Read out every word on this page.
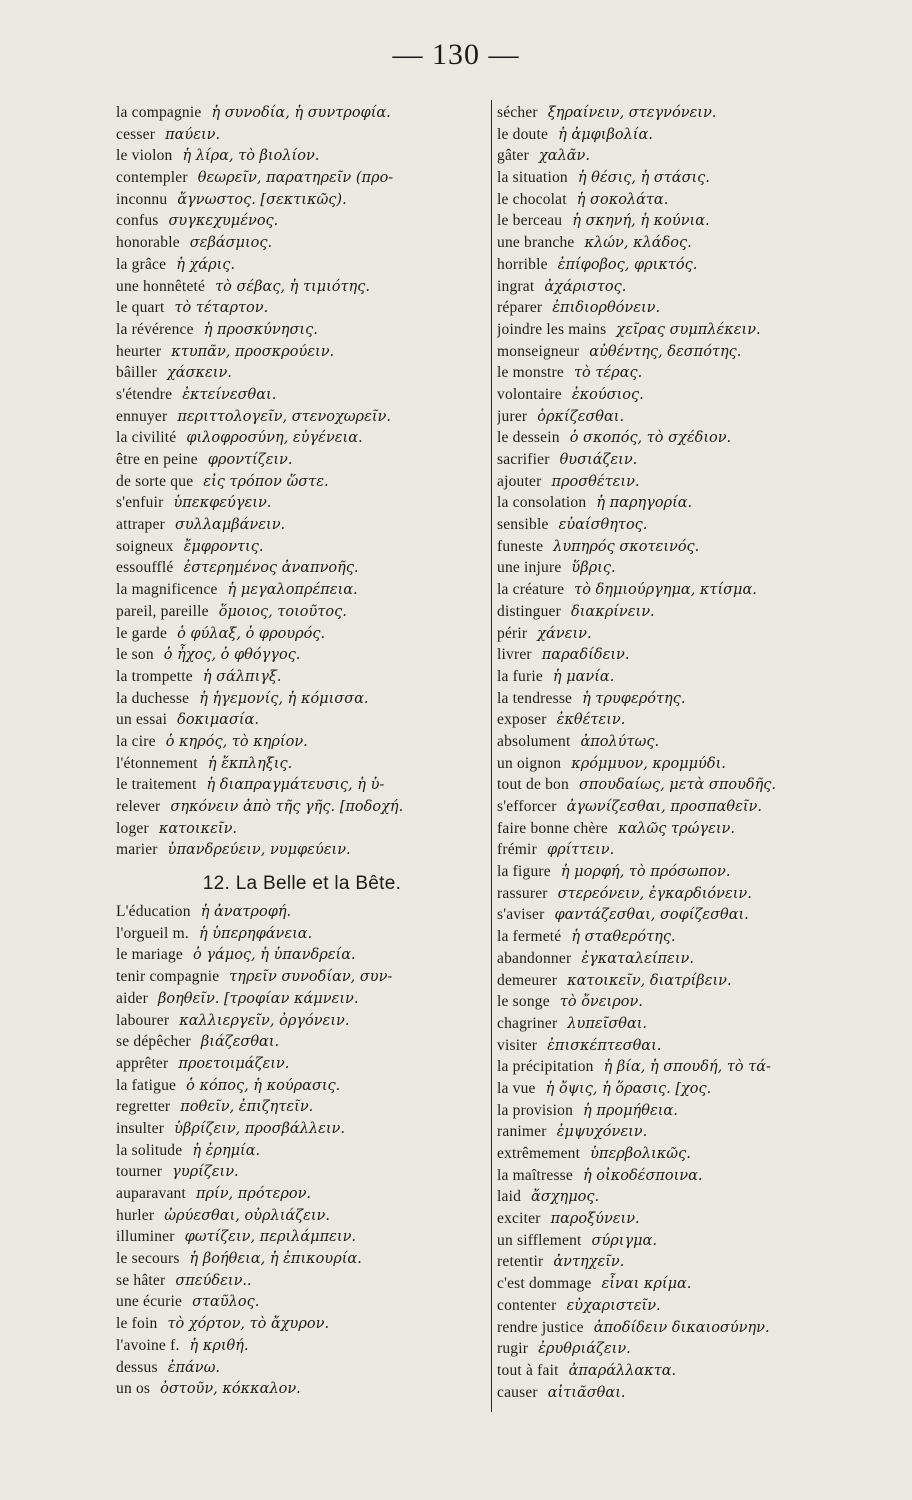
— 130 —
la compagnie ἡ συνοδία, ἡ συντροφία.
cesser παύειν.
le violon ἡ λίρα, τὸ βιολίον.
contempler θεωρεῖν, παρατηρεῖν (προ-
inconnu ἄγνωστος. [σεκτικῶς).
confus συγκεχυμένος.
honorable σεβάσμιος.
la grâce ἡ χάρις.
une honnêteté τὸ σέβας, ἡ τιμιότης.
le quart τὸ τέταρτον.
la révérence ἡ προσκύνησις.
heurter κτυπᾶν, προσκρούειν.
bâiller χάσκειν.
s'étendre ἐκτείνεσθαι.
ennuyer περιττολογεῖν, στενοχωρεῖν.
la civilité φιλοφροσύνη, εὐγένεια.
être en peine φροντίζειν.
de sorte que εἰς τρόπον ὥστε.
s'enfuir ὑπεκφεύγειν.
attraper συλλαμβάνειν.
soigneux ἔμφροντις.
essoufflé ἐστερημένος ἀναπνοῆς.
la magnificence ἡ μεγαλοπρέπεια.
pareil, pareille ὅμοιος, τοιοῦτος.
le garde ὁ φύλαξ, ὁ φρουρός.
le son ὁ ἦχος, ὁ φθόγγος.
la trompette ἡ σάλπιγξ.
la duchesse ἡ ἡγεμονίς, ἡ κόμισσα.
un essai δοκιμασία.
la cire ὁ κηρός, τὸ κηρίον.
l'étonnement ἡ ἔκπληξις.
le traitement ἡ διαπραγμάτευσις, ἡ ὑ-
relever σηκόνειν ἀπὸ τῆς γῆς. [ποδοχή.
loger κατοικεῖν.
marier ὑπανδρεύειν, νυμφεύειν.
12. La Belle et la Bête.
L'éducation ἡ ἀνατροφή.
l'orgueil m. ἡ ὑπερηφάνεια.
le mariage ὁ γάμος, ἡ ὑπανδρεία.
tenir compagnie τηρεῖν συνοδίαν, συν-
aider βοηθεῖν. [τροφίαν κάμνειν.
labourer καλλιεργεῖν, ὀργόνειν.
se dépêcher βιάζεσθαι.
apprêter προετοιμάζειν.
la fatigue ὁ κόπος, ἡ κούρασις.
regretter ποθεῖν, ἐπιζητεῖν.
insulter ὑβρίζειν, προσβάλλειν.
la solitude ἡ ἐρημία.
tourner γυρίζειν.
auparavant πρίν, πρότερον.
hurler ὠρύεσθαι, οὐρλιάζειν.
illuminer φωτίζειν, περιλάμπειν.
le secours ἡ βοήθεια, ἡ ἐπικουρία.
se hâter σπεύδειν..
une écurie σταῦλος.
le foin τὸ χόρτον, τὸ ἄχυρον.
l'avoine f. ἡ κριθή.
dessus ἐπάνω.
un os ὀστοῦν, κόκκαλον.
sécher ξηραίνειν, στεγνόνειν.
le doute ἡ ἀμφιβολία.
gâter χαλᾶν.
la situation ἡ θέσις, ἡ στάσις.
le chocolat ἡ σοκολάτα.
le berceau ἡ σκηνή, ἡ κούνια.
une branche κλών, κλάδος.
horrible ἐπίφοβος, φρικτός.
ingrat ἀχάριστος.
réparer ἐπιδιορθόνειν.
joindre les mains χεῖρας συμπλέκειν.
monseigneur αὐθέντης, δεσπότης.
le monstre τὸ τέρας.
volontaire ἑκούσιος.
jurer ὁρκίζεσθαι.
le dessein ὁ σκοπός, τὸ σχέδιον.
sacrifier θυσιάζειν.
ajouter προσθέτειν.
la consolation ἡ παρηγορία.
sensible εὐαίσθητος.
funeste λυπηρός σκοτεινός.
une injure ὕβρις.
la créature τὸ δημιούργημα, κτίσμα.
distinguer διακρίνειν.
périr χάνειν.
livrer παραδίδειν.
la furie ἡ μανία.
la tendresse ἡ τρυφερότης.
exposer ἐκθέτειν.
absolument ἀπολύτως.
un oignon κρόμμυον, κρομμύδι.
tout de bon σπουδαίως, μετὰ σπουδῆς.
s'efforcer ἀγωνίζεσθαι, προσπαθεῖν.
faire bonne chère καλῶς τρώγειν.
frémir φρίττειν.
la figure ἡ μορφή, τὸ πρόσωπον.
rassurer στερεόνειν, ἐγκαρδιόνειν.
s'aviser φαντάζεσθαι, σοφίζεσθαι.
la fermeté ἡ σταθερότης.
abandonner ἐγκαταλείπειν.
demeurer κατοικεῖν, διατρίβειν.
le songe τὸ ὄνειρον.
chagriner λυπεῖσθαι.
visiter ἐπισκέπτεσθαι.
la précipitation ἡ βία, ἡ σπουδή, τὸ τά-
la vue ἡ ὄψις, ἡ ὅρασις. [χος.
la provision ἡ προμήθεια.
ranimer ἐμψυχόνειν.
extrêmement ὑπερβολικῶς.
la maîtresse ἡ οἰκοδέσποινα.
laid ἄσχημος.
exciter παροξύνειν.
un sifflement σύριγμα.
retentir ἀντηχεῖν.
c'est dommage εἶναι κρίμα.
contenter εὐχαριστεῖν.
rendre justice ἀποδίδειν δικαιοσύνην.
rugir ἐρυθριάζειν.
tout à fait ἀπαράλλακτα.
causer αἰτιᾶσθαι.
